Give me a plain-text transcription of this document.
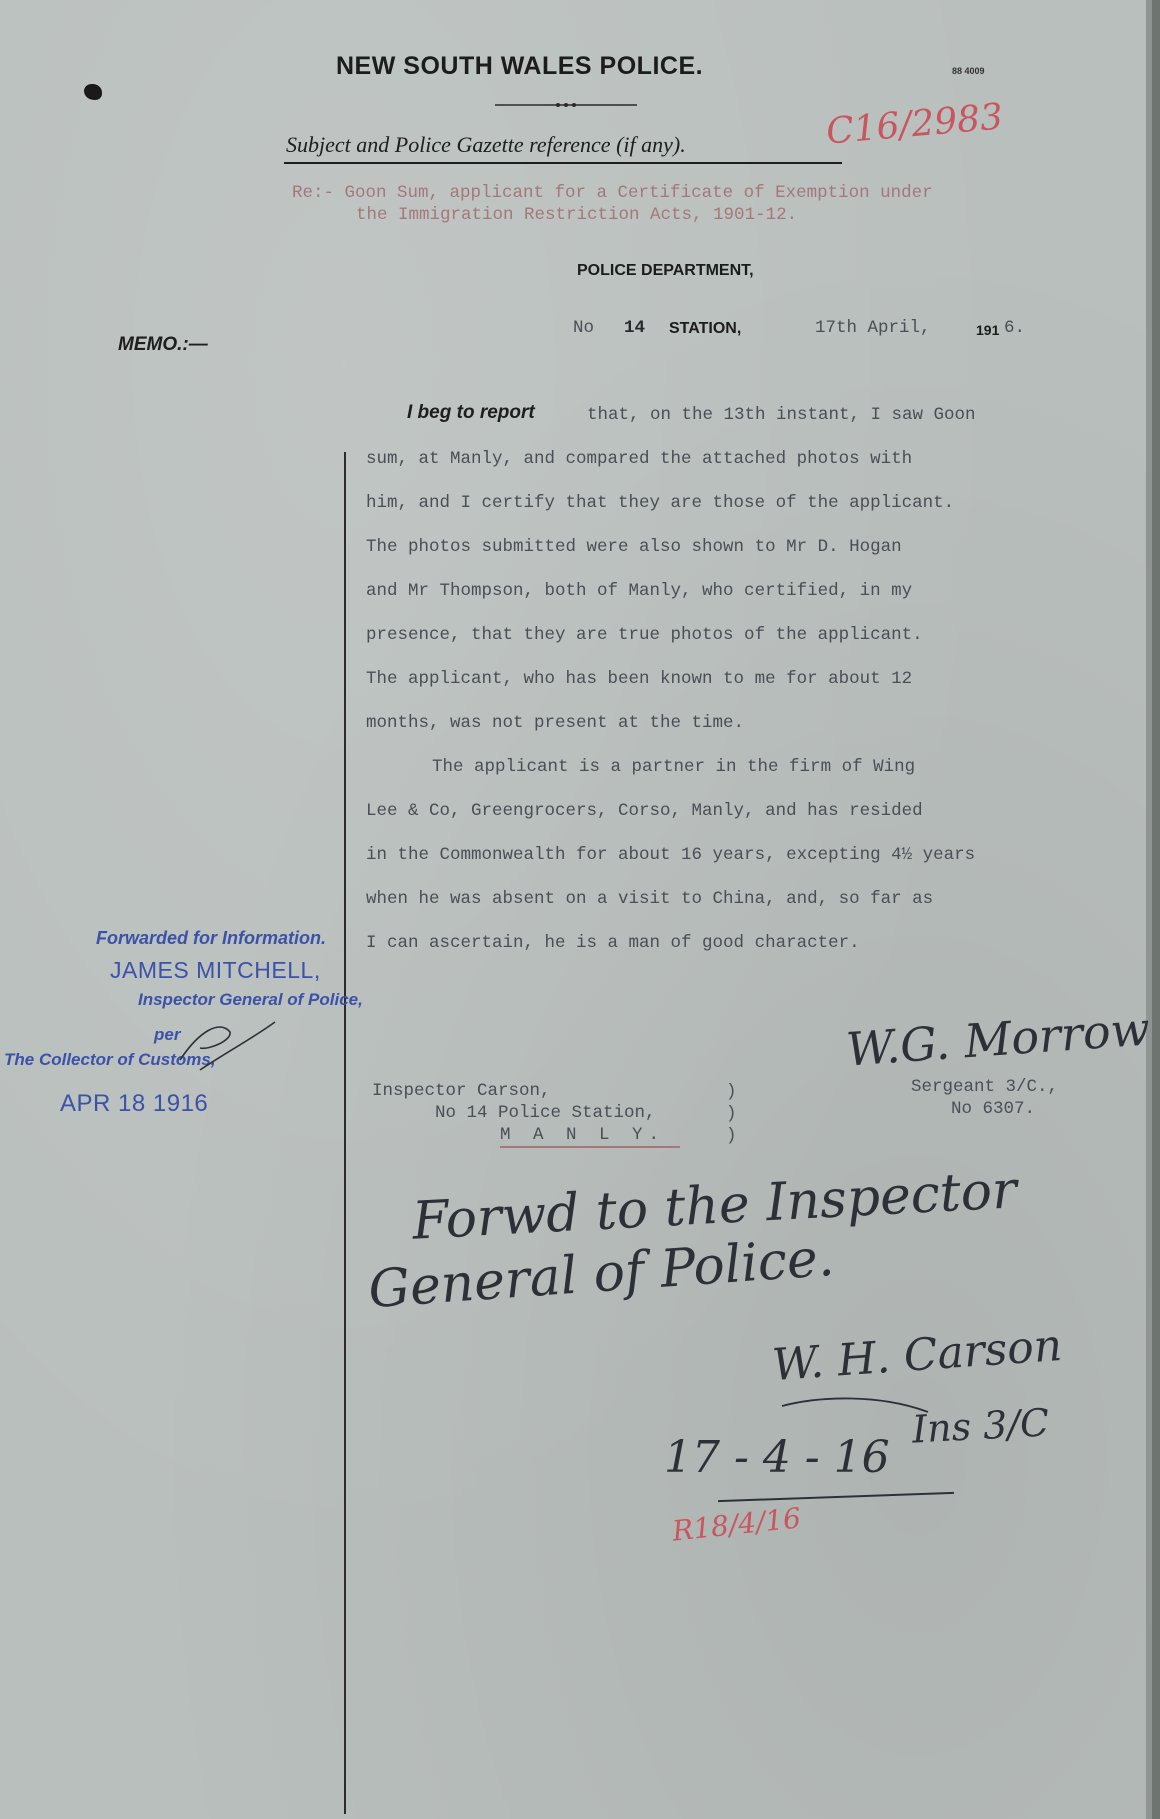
NEW SOUTH WALES POLICE.	88 4009
Subject and Police Gazette reference (if any).	C16/2983
Re:- Goon Sum, applicant for a Certificate of Exemption under
the Immigration Restriction Acts, 1901-12.
POLICE DEPARTMENT,
No 14 STATION,	17th April,	191 6.
MEMO.:—
I beg to report	that, on the 13th instant, I saw Goon
sum, at Manly, and compared the attached photos with
him, and I certify that they are those of the applicant.
The photos submitted were also shown to Mr D. Hogan
and Mr Thompson, both of Manly, who certified, in my
presence, that they are true photos of the applicant.
The applicant, who has been known to me for about 12
months, was not present at the time.
The applicant is a partner in the firm of Wing
Lee & Co, Greengrocers, Corso, Manly, and has resided
in the Commonwealth for about 16 years, excepting 4½ years
when he was absent on a visit to China, and, so far as
I can ascertain, he is a man of good character.
Forwarded for Information.
JAMES MITCHELL,
Inspector General of Police,
per
The Collector of Customs,
APR 18 1916
W.G. Morrow
Sergeant 3/C.,
No 6307.
Inspector Carson,
No 14 Police Station,
M A N L Y.
)
)
)
Forwd to the Inspector
General of Police.
W. H. Carson
Ins 3/C
17 - 4 - 16
R18/4/16
